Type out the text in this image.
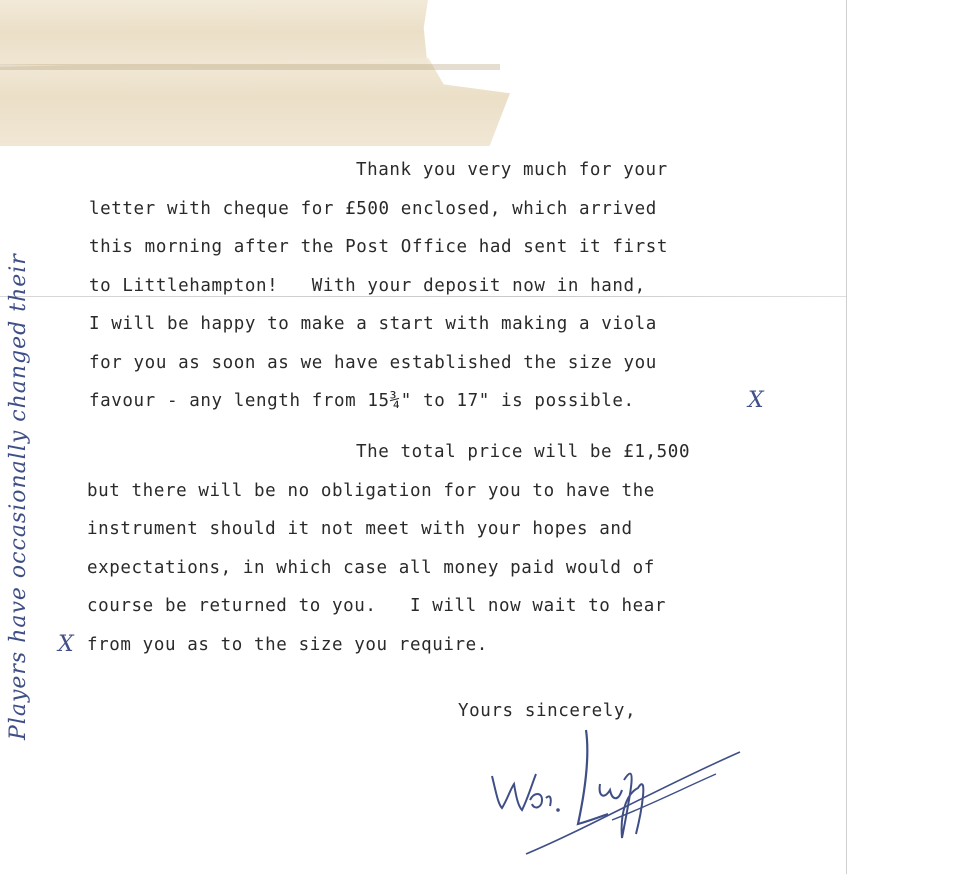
Players have occasionally changed their
Thank you very much for your
letter with cheque for £500 enclosed, which arrived
this morning after the Post Office had sent it first
to Littlehampton!   With your deposit now in hand,
I will be happy to make a start with making a viola
for you as soon as we have established the size you
favour - any length from 15¾" to 17" is possible.	X
The total price will be £1,500
but there will be no obligation for you to have the
instrument should it not meet with your hopes and
expectations, in which case all money paid would of
course be returned to you.   I will now wait to hear
X from you as to the size you require.
Yours sincerely,
